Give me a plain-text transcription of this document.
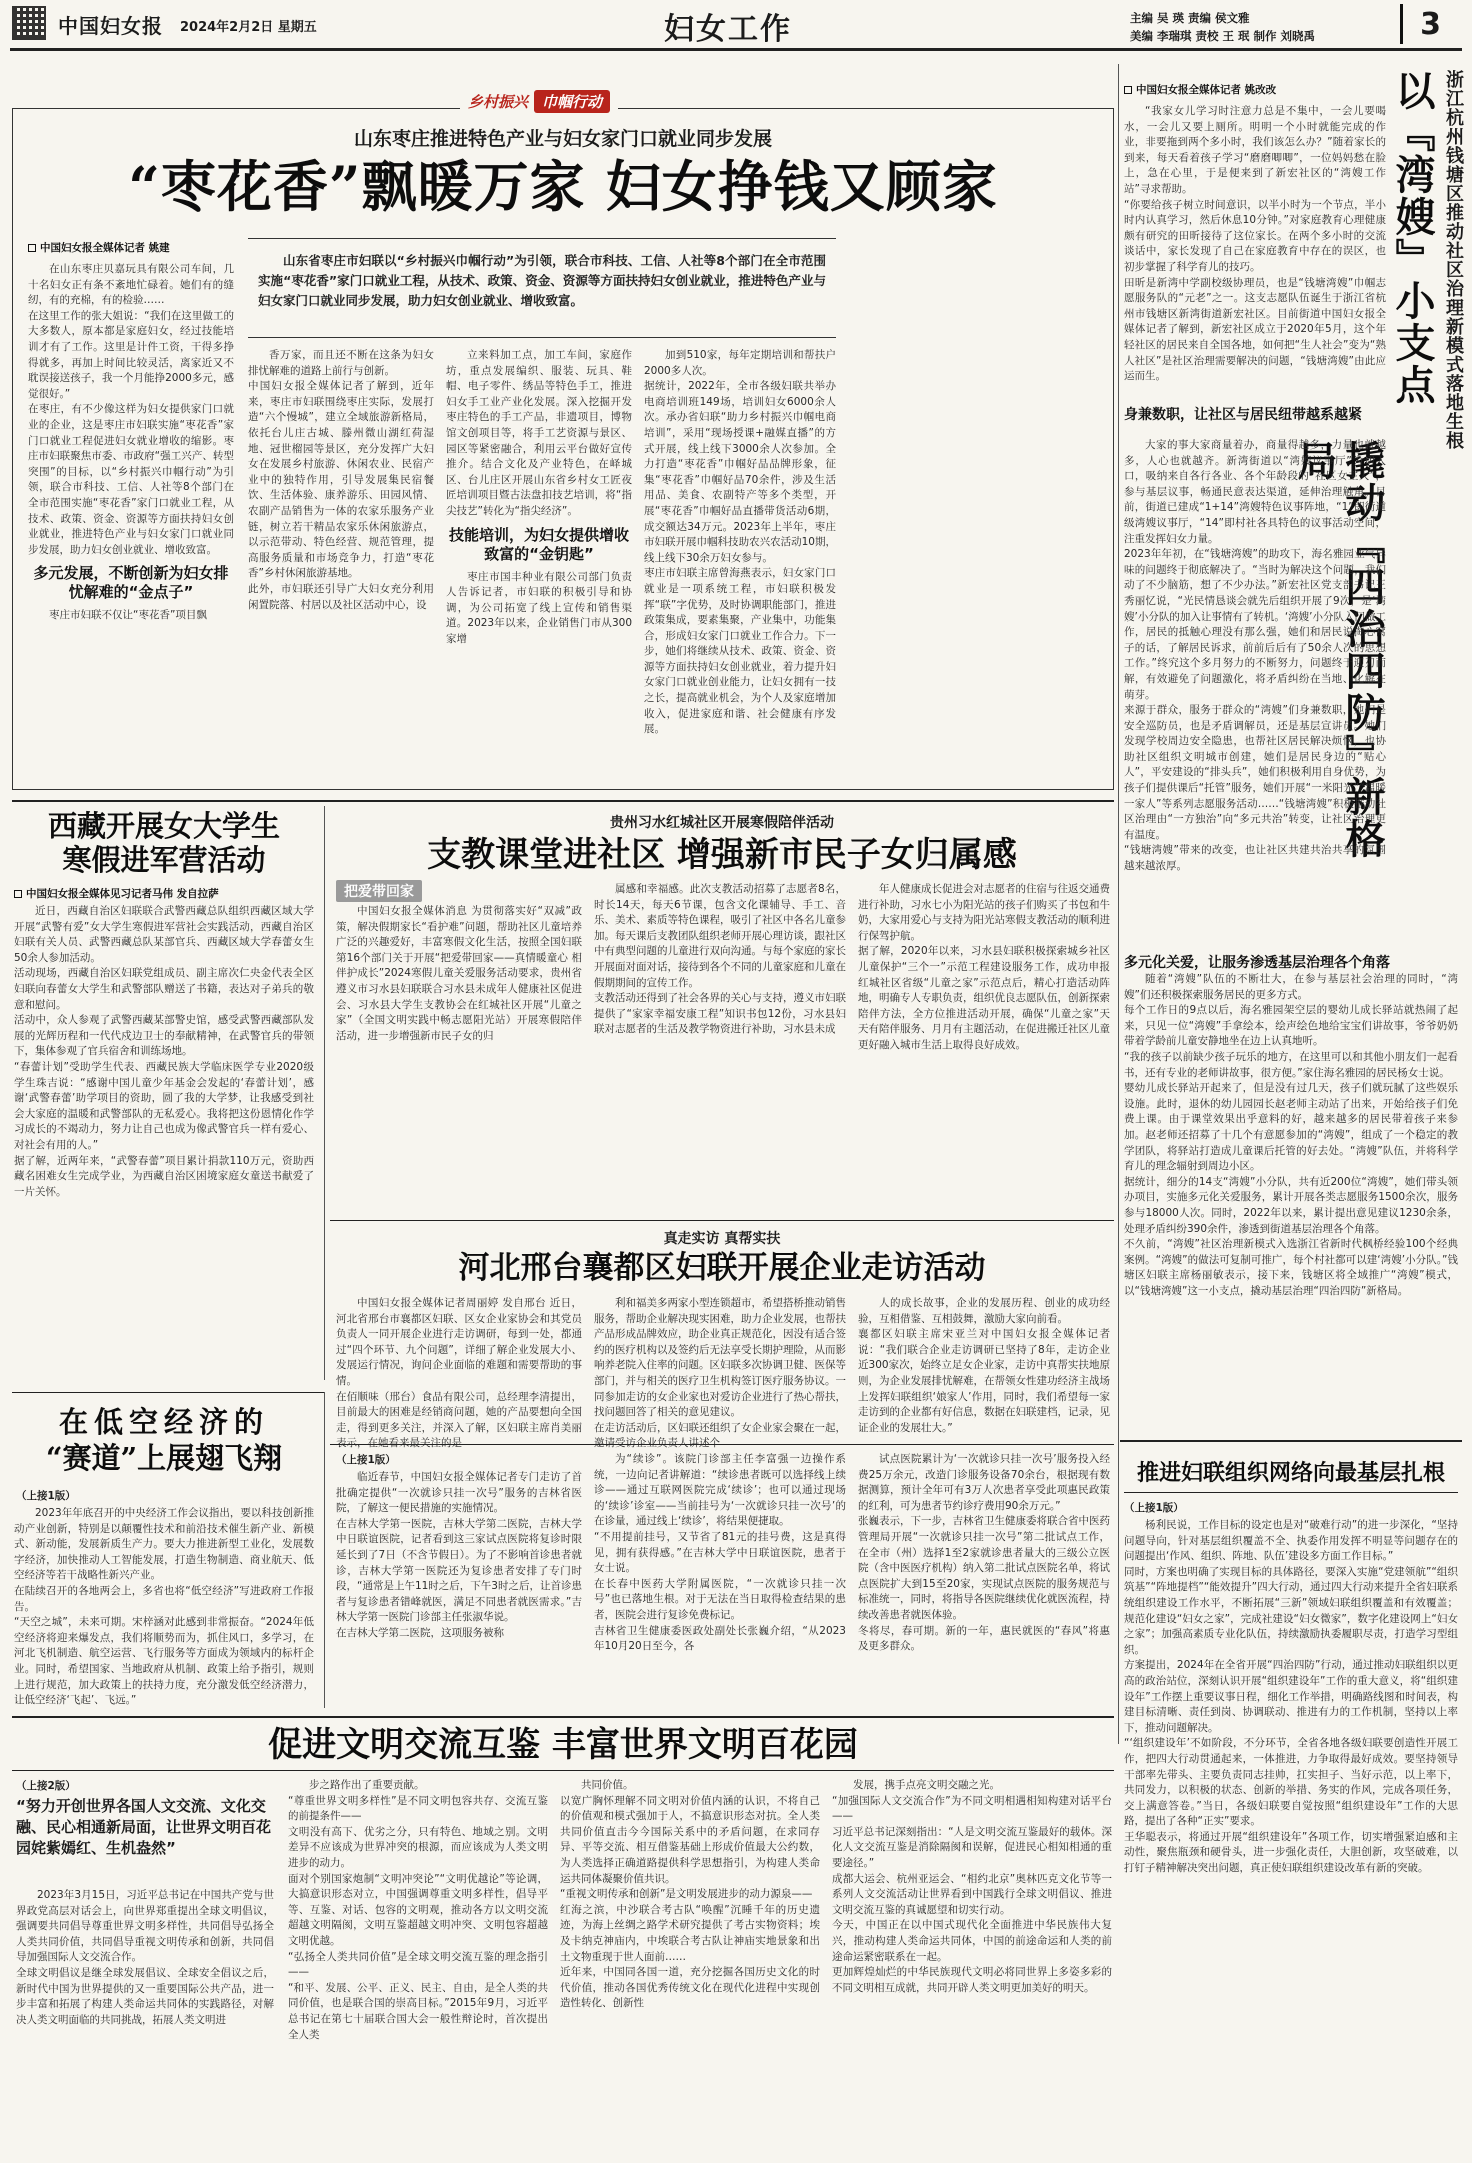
中国妇女报 2024年2月2日 星期五	妇女工作	主编 吴 瑛 责编 侯文雅
美编 李瑞琪 责校 王 珉 制作 刘晓禹	3
乡村振兴 巾帼行动
山东枣庄推进特色产业与妇女家门口就业同步发展
“枣花香”飘暖万家 妇女挣钱又顾家
中国妇女报全媒体记者 姚建
在山东枣庄贝嘉玩具有限公司车间，几十名妇女正有条不紊地忙碌着。她们有的缝纫，有的充棉，有的检验……
在这里工作的张大姐说：“我们在这里做工的大多数人，原本都是家庭妇女，经过技能培训才有了工作。这里是计件工资，干得多挣得就多，再加上时间比较灵活，离家近又不耽误接送孩子，我一个月能挣2000多元，感觉很好。”
在枣庄，有不少像这样为妇女提供家门口就业的企业，这是枣庄市妇联实施“枣花香”家门口就业工程促进妇女就业增收的缩影。枣庄市妇联聚焦市委、市政府“强工兴产、转型突围”的目标，以“乡村振兴巾帼行动”为引领，联合市科技、工信、人社等8个部门在全市范围实施“枣花香”家门口就业工程，从技术、政策、资金、资源等方面扶持妇女创业就业，推进特色产业与妇女家门口就业同步发展，助力妇女创业就业、增收致富。
多元发展，不断创新为妇女排忧解难的“金点子”
枣庄市妇联不仅让“枣花香”项目飘
山东省枣庄市妇联以“乡村振兴巾帼行动”为引领，联合市科技、工信、人社等8个部门在全市范围实施“枣花香”家门口就业工程，从技术、政策、资金、资源等方面扶持妇女创业就业，推进特色产业与妇女家门口就业同步发展，助力妇女创业就业、增收致富。
香万家，而且还不断在这条为妇女排忧解难的道路上前行与创新。
中国妇女报全媒体记者了解到，近年来，枣庄市妇联围绕枣庄实际，发展打造“六个慢城”，建立全域旅游新格局，依托台儿庄古城、滕州微山湖红荷湿地、冠世榴园等景区，充分发挥广大妇女在发展乡村旅游、休闲农业、民宿产业中的独特作用，引导发展集民宿餐饮、生活体验、康养游乐、田园风情、农副产品销售为一体的农家乐服务产业链，树立若干精品农家乐休闲旅游点，以示范带动、特色经营、规范管理，提高服务质量和市场竞争力，打造“枣花香”乡村休闲旅游基地。
此外，市妇联还引导广大妇女充分利用闲置院落、村居以及社区活动中心，设
立来料加工点，加工车间，家庭作坊，重点发展编织、服装、玩具、鞋帽、电子零件、绣品等特色手工，推进妇女手工业产业化发展。深入挖掘开发枣庄特色的手工产品，非遗项目，博物馆文创项目等，将手工艺资源与景区、园区等紧密融合，利用云平台做好宣传推介。结合文化及产业特色，在峄城区、台儿庄区开展山东省乡村女工匠夜匠培训项目暨古法盘扣技艺培训，将“指尖技艺”转化为“指尖经济”。
技能培训，为妇女提供增收致富的“金钥匙”
枣庄市国丰种业有限公司部门负责人告诉记者，市妇联的积极引导和协调，为公司拓宽了线上宣传和销售渠道。2023年以来，企业销售门市从300家增
加到510家，每年定期培训和帮扶户2000多人次。
据统计，2022年，全市各级妇联共举办电商培训班149场，培训妇女6000余人次。承办省妇联“助力乡村振兴巾帼电商培训”，采用“现场授课+融媒直播”的方式开展，线上线下3000余人次参加。全力打造“枣花香”巾帼好品品牌形象，征集“枣花香”巾帼好品70余件，涉及生活用品、美食、农副特产等多个类型，开展“枣花香”巾帼好品直播带货活动6期，成交额达34万元。2023年上半年，枣庄市妇联开展巾帼科技助农兴农活动10期，线上线下30余万妇女参与。
枣庄市妇联主席曾海燕表示，妇女家门口就业是一项系统工程，市妇联积极发挥“联”字优势，及时协调职能部门，推进政策集成，要素集聚，产业集中，功能集合，形成妇女家门口就业工作合力。下一步，她们将继续从技术、政策、资金、资源等方面扶持妇女创业就业，着力提升妇女家门口就业创业能力，让妇女拥有一技之长，提高就业机会，为个人及家庭增加收入，促进家庭和谐、社会健康有序发展。
中国妇女报全媒体记者 姚改改
“我家女儿学习时注意力总是不集中，一会儿要喝水，一会儿又要上厕所。明明一个小时就能完成的作业，非要拖到两个多小时，我们该怎么办？”随着家长的到来，每天看着孩子学习“磨磨唧唧”，一位妈妈愁在脸上，急在心里，于是便来到了新宏社区的“湾嫂工作站”寻求帮助。
“你要给孩子树立时间意识，以半小时为一个节点，半小时内认真学习，然后休息10分钟。”对家庭教育心理健康颇有研究的田昕接待了这位家长。在两个多小时的交流谈话中，家长发现了自己在家庭教育中存在的误区，也初步掌握了科学育儿的技巧。
田昕是新湾中学副校级协理员，也是“钱塘湾嫂”巾帼志愿服务队的“元老”之一。这支志愿队伍诞生于浙江省杭州市钱塘区新湾街道新宏社区。目前街道中国妇女报全媒体记者了解到，新宏社区成立于2020年5月，这个年轻社区的居民来自全国各地，如何把“生人社会”变为“熟人社区”是社区治理需要解决的问题，“钱塘湾嫂”由此应运而生。	浙江杭州钱塘区推动社区治理新模式落地生根
以『湾嫂』小支点
撬动『四治四防』新格局
身兼数职，让社区与居民纽带越系越紧
大家的事大家商量着办，商量得越多，力量也就越多，人心也就越齐。新湾街道以“湾嫂议事厅”为切入口，吸纳来自各行各业、各个年龄段的“社区女主人”，参与基层议事，畅通民意表达渠道，延伸治理触角。目前，街道已建成“1+14”湾嫂特色议事阵地，“1”即街道级湾嫂议事厅，“14”即村社各具特色的议事活动空间，注重发挥妇女力量。
2023年年初，在“钱塘湾嫂”的助攻下，海名雅园业气异味的问题终于彻底解决了。“当时为解决这个问题，我们动了不少脑筋，想了不少办法。”新宏社区党支部书记王秀丽忆说，“光民情恳谈会就先后组织开展了9次，是‘湾嫂’小分队的加入让事情有了转机。‘湾嫂’小分队入门做工作，居民的抵触心理没有那么强，她们和居民说掏心窝子的话，了解居民诉求，前前后后有了50余人次的思想工作。”终究这个多月努力的不断努力，问题终于迎刃而解，有效避免了问题激化，将矛盾纠纷在当地、化解在萌芽。
来源于群众，服务于群众的“湾嫂”们身兼数职，她们是安全巡防员，也是矛盾调解员，还是基层宣讲员。她们发现学校周边安全隐患，也帮社区居民解决烦恼，也协助社区组织文明城市创建，她们是居民身边的“贴心人”，平安建设的“排头兵”，她们积极利用自身优势，为孩子们提供课后“托管”服务，她们开展“一米阳光”“温暖一家人”等系列志愿服务活动……“钱塘湾嫂”积极推动社区治理由“一方独治”向“多元共治”转变，让社区治理更有温度。
“钱塘湾嫂”带来的改变，也让社区共建共治共享的氛围越来越浓厚。
多元化关爱，让服务渗透基层治理各个角落
随着“湾嫂”队伍的不断壮大，在参与基层社会治理的同时，“湾嫂”们还积极探索服务居民的更多方式。
每个工作日的9点以后，海名雅园架空层的婴幼儿成长驿站就热闹了起来，只见一位“湾嫂”手拿绘本，绘声绘色地给宝宝们讲故事，爷爷奶奶带着学龄前儿童安静地坐在边上认真地听。
“我的孩子以前缺少孩子玩乐的地方，在这里可以和其他小朋友们一起看书，还有专业的老师讲故事，很方便。”家住海名雅园的居民杨女士说。
婴幼儿成长驿站开起来了，但是没有过几天，孩子们就玩腻了这些娱乐设施。此时，退休的幼儿园园长赵老师主动站了出来，开始给孩子们免费上课。由于课堂效果出乎意料的好，越来越多的居民带着孩子来参加。赵老师还招募了十几个有意愿参加的“湾嫂”，组成了一个稳定的教学团队，将驿站打造成儿童课后托管的好去处。“湾嫂”队伍，并将科学育儿的理念辐射到周边小区。
据统计，细分的14支“湾嫂”小分队，共有近200位“湾嫂”，她们带头领办项目，实施多元化关爱服务，累计开展各类志愿服务1500余次，服务参与18000人次。同时，2022年以来，累计提出意见建议1230余条，处理矛盾纠纷390余件，渗透到街道基层治理各个角落。
不久前，“湾嫂”社区治理新模式入选浙江省新时代枫桥经验100个经典案例。“湾嫂”的做法可复制可推广，每个村社都可以建‘湾嫂’小分队。”钱塘区妇联主席杨丽敏表示，接下来，钱塘区将全域推广“湾嫂”模式，以“钱塘湾嫂”这一小支点，撬动基层治理“四治四防”新格局。
推进妇联组织网络向最基层扎根
（上接1版）
杨利民说，工作目标的设定也是对“破难行动”的进一步深化，“坚持问题导向，针对基层组织覆盖不全、执委作用发挥不明显等问题存在的问题提出‘作风、组织、阵地、队伍’建设多方面工作目标。”
同时，方案也明确了实现目标的具体路径，要深入实施“党建领航”“组织筑基”“阵地提档”“能效提升”四大行动，通过四大行动来提升全省妇联系统组织建设工作水平，不断拓展“三新”领域妇联组织覆盖和有效覆盖；规范化建设“妇女之家”，完成社建设“妇女微家”，数字化建设网上“妇女之家”；加强高素质专业化队伍，持续激励执委履职尽责，打造学习型组织。
方案提出，2024年在全省开展“四治四防”行动，通过推动妇联组织以更高的政治站位，深刻认识开展“组织建设年”工作的重大意义，将“组织建设年”工作摆上重要议事日程，细化工作举措，明确路线图和时间表，构建目标清晰、责任到岗、协调联动、推进有力的工作机制，坚持以上率下，推动问题解决。
“‘组织建设年’不如阶段，不分环节，全省各地各级妇联要创造性开展工作，把四大行动贯通起来，一体推进，力争取得最好成效。要坚持领导干部率先带头、主要负责同志挂帅，扛实担子、当好示范，以上率下，共同发力，以积极的状态、创新的举措、务实的作风，完成各项任务，交上满意答卷。”当日，各级妇联要自觉按照“组织建设年”工作的大思路，提出了各种“正实”要求。
王华聪表示，将通过开展“组织建设年”各项工作，切实增强紧迫感和主动性，聚焦瓶颈和硬骨头，进一步强化责任，大胆创新，攻坚破难，以打钉子精神解决突出问题，真正使妇联组织建设改革有新的突破。
西藏开展女大学生
寒假进军营活动
中国妇女报全媒体见习记者马伟 发自拉萨
近日，西藏自治区妇联联合武警西藏总队组织西藏区域大学开展“武警有爱”女大学生寒假进军营社会实践活动，西藏自治区妇联有关人员、武警西藏总队某部官兵、西藏区域大学春蕾女生50余人参加活动。
活动现场，西藏自治区妇联党组成员、副主席次仁央金代表全区妇联向春蕾女大学生和武警部队赠送了书籍，表达对子弟兵的敬意和慰问。
活动中，众人参观了武警西藏某部警史馆，感受武警西藏部队发展的光辉历程和一代代戍边卫士的奉献精神，在武警官兵的带领下，集体参观了官兵宿舍和训练场地。
“春蕾计划”受助学生代表、西藏民族大学临床医学专业2020级学生珠吉说：“感谢中国儿童少年基金会发起的‘春蕾计划’，感谢‘武警春蕾’助学项目的资助，圆了我的大学梦，让我感受到社会大家庭的温暖和武警部队的无私爱心。我将把这份恩情化作学习成长的不竭动力，努力让自己也成为像武警官兵一样有爱心、对社会有用的人。”
据了解，近两年来，“武警春蕾”项目累计捐款110万元，资助西藏名困难女生完成学业，为西藏自治区困境家庭女童送书献爱了一片关怀。
贵州习水红城社区开展寒假陪伴活动
支教课堂进社区 增强新市民子女归属感
把爱带回家
中国妇女报全媒体消息 为贯彻落实好“双减”政策，解决假期家长“看护难”问题，帮助社区儿童培养广泛的兴趣爱好，丰富寒假文化生活，按照全国妇联第16个部门关于开展“把爱带回家——真情暖童心 相伴护成长”2024寒假儿童关爱服务活动要求，贵州省遵义市习水县妇联联合习水县未成年人健康社区促进会、习水县大学生支教协会在红城社区开展“儿童之家”（全国文明实践中畅志愿阳光站）开展寒假陪伴活动，进一步增强新市民子女的归
属感和幸福感。此次支教活动招募了志愿者8名，时长14天，每天6节课，包含文化课辅导、手工、音乐、美术、素质等特色课程，吸引了社区中各名儿童参加。每天课后支教团队组织老师开展心理访谈，跟社区中有典型问题的儿童进行双向沟通。与每个家庭的家长开展面对面对话，接待到各个不同的儿童家庭和儿童在假期期间的宣传工作。
支教活动还得到了社会各界的关心与支持，遵义市妇联提供了“家家幸福安康工程”知识书包12份，习水县妇联对志愿者的生活及教学物资进行补助，习水县未成
年人健康成长促进会对志愿者的住宿与往返交通费进行补助，习水七小为阳光站的孩子们购买了书包和牛奶，大家用爱心与支持为阳光站寒假支教活动的顺利进行保驾护航。
据了解，2020年以来，习水县妇联积极探索城乡社区儿童保护“三个一”示范工程建设服务工作，成功申报红城社区省级“儿童之家”示范点后，精心打造活动阵地，明确专人专职负责，组织优良志愿队伍，创新探索陪伴方法，全方位推进活动开展，确保“儿童之家”天天有陪伴服务、月月有主题活动，在促进搬迁社区儿童更好融入城市生活上取得良好成效。
真走实访 真帮实扶
河北邢台襄都区妇联开展企业走访活动
中国妇女报全媒体记者周丽婷 发自邢台 近日，河北省邢台市襄都区妇联、区女企业家协会和其党员负责人一同开展企业进行走访调研，每到一处，都通过“四个环节、九个问题”，详细了解企业发展大小、发展运行情况，询问企业面临的难题和需要帮助的事情。
在佰顺味（邢台）食品有限公司，总经理李清提出，目前最大的困难是经销商问题，她的产品要想向全国走，得到更多关注，并深入了解，区妇联主席肖美丽
利和福美多两家小型连锁超市，希望搭桥推动销售服务，帮助企业解决现实困难，助力企业发展，也帮扶产品形成品牌效应，助企业真正规范化，因没有适合签约的医疗机构以及签约后无法享受长期护理险，从而影响养老院入住率的问题。区妇联多次协调卫健、医保等部门，并与相关的医疗卫生机构签订医疗服务协议。一同参加走访的女企业家也对爱访企业进行了热心帮扶，找问题回答了相关的意见建议。
在走访活动后，区妇联还组织了女企业家会聚在一起，
人的成长故事，企业的发展历程、创业的成功经验，互相借鉴、互相鼓舞，激励大家向前看。
襄都区妇联主席宋亚兰对中国妇女报全媒体记者说：“我们联合企业走访调研已坚持了8年，走访企业近300家次，始终立足女企业家，走访中真帮实扶地原则，为企业发展排忧解难，在帮领女性建功经济主战场上发挥妇联组织‘娘家人’作用，同时，我们希望每一家走访到的企业都有好信息，数据在妇联建档，记录，见证企业的发展壮大。”
在低空经济的
“赛道”上展翅飞翔
（上接1版）
2023年年底召开的中央经济工作会议指出，要以科技创新推动产业创新，特别是以颠覆性技术和前沿技术催生新产业、新模式、新动能，发展新质生产力。要大力推进新型工业化，发展数字经济，加快推动人工智能发展，打造生物制造、商业航天、低空经济等若干战略性新兴产业。
在陆续召开的各地两会上，多省也将“低空经济”写进政府工作报告。
“天空之城”，未来可期。宋梓涵对此感到非常振奋。“2024年低空经济将迎来爆发点，我们将顺势而为，抓住风口，多学习，在河北飞机制造、航空运营、飞行服务等方面成为领域内的标杆企业。同时，希望国家、当地政府从机制、政策上给予指引，规则上进行规范，加大政策上的扶持力度，充分激发低空经济潜力，让低空经济‘飞起’、飞远。”
（上接1版）
临近春节，中国妇女报全媒体记者专门走访了首批确定提供“一次就诊只挂一次号”服务的吉林省医院，了解这一便民措施的实施情况。
在吉林大学第一医院，吉林大学第二医院，吉林大学中日联谊医院，记者看到这三家试点医院将复诊时限延长到了7日（不含节假日）。为了不影响首诊患者就诊，吉林大学第一医院还为复诊患者安排了专门时段，“通常是上午11时之后，下午3时之后，让首诊患者与复诊患者错峰就医，满足不同患者就医需求。”吉林大学第一医院门诊部主任张淑华说。
在吉林大学第二医院，这项服务被称
为“续诊”。该院门诊部主任李富强一边操作系统，一边向记者讲解道：“续诊患者既可以选择线上续诊——通过互联网医院完成‘续诊’；也可以通过现场的‘续诊’诊室——当前挂号为‘一次就诊只挂一次号’的在诊量，通过线上‘续诊’，将结果便捷取。
“不用提前挂号，又节省了81元的挂号费，这是真得见，拥有获得感。”在吉林大学中日联谊医院，患者于女士说。
在长春中医药大学附属医院，“一次就诊只挂一次号”也已落地生根。对于无法在当日取得检查结果的患者，医院会进行复诊免费标记。
吉林省卫生健康委医政处副处长张巍介绍，“从2023年10月20日至今，各
试点医院累计为‘一次就诊只挂一次号’服务投入经费25万余元，改造门诊服务设备70余台，根据现有数据测算，预计全年可有3万人次患者享受此项惠民政策的红利，可为患者节约诊疗费用90余万元。”
张巍表示，下一步，吉林省卫生健康委将联合省中医药管理局开展“一次就诊只挂一次号”第二批试点工作，在全市（州）选择1至2家就诊患者量大的三级公立医院（含中医医疗机构）纳入第二批试点医院名单，将试点医院扩大到15至20家，实现试点医院的服务规范与标准统一，同时，将指导各医院继续优化就医流程，持续改善患者就医体验。
冬将尽，春可期。新的一年，惠民就医的“春风”将惠及更多群众。
促进文明交流互鉴 丰富世界文明百花园
（上接2版）
“努力开创世界各国人文交流、文化交融、民心相通新局面，让世界文明百花园姹紫嫣红、生机盎然”
2023年3月15日，习近平总书记在中国共产党与世界政党高层对话会上，向世界郑重提出全球文明倡议，强调要共同倡导尊重世界文明多样性，共同倡导弘扬全人类共同价值，共同倡导重视文明传承和创新，共同倡导加强国际人文交流合作。
全球文明倡议是继全球发展倡议、全球安全倡议之后，新时代中国为世界提供的又一重要国际公共产品，进一步丰富和拓展了构建人类命运共同体的实践路径，对解决人类文明面临的共同挑战，拓展人类文明进
步之路作出了重要贡献。
“尊重世界文明多样性”是不同文明包容共存、交流互鉴的前提条件——
文明没有高下、优劣之分，只有特色、地域之别。文明差异不应该成为世界冲突的根源，而应该成为人类文明进步的动力。
面对个别国家炮制“文明冲突论”“文明优越论”等论调，大搞意识形态对立，中国强调尊重文明多样性，倡导平等、互鉴、对话、包容的文明观，推动各方以文明交流超越文明隔阂，文明互鉴超越文明冲突、文明包容超越文明优越。
“弘扬全人类共同价值”是全球文明交流互鉴的理念指引——
“和平、发展、公平、正义、民主、自由，是全人类的共同价值，也是联合国的崇高目标。”2015年9月，习近平总书记在第七十届联合国大会一般性辩论时，首次提出全人类
共同价值。
以宽广胸怀理解不同文明对价值内涵的认识，不将自己的价值观和模式强加于人，不搞意识形态对抗。全人类共同价值直击今今国际关系中的矛盾问题，在求同存异、平等交流、相互借鉴基础上形成价值最大公约数，为人类选择正确道路提供科学思想指引，为构建人类命运共同体凝聚价值共识。
“重视文明传承和创新”是文明发展进步的动力源泉——
红海之滨，中沙联合考古队“唤醒”沉睡千年的历史遗迹，为海上丝绸之路学术研究提供了考古实物资料；埃及卡纳克神庙内，中埃联合考古队让神庙实地景象和出土文物重现于世人面前……
近年来，中国同各国一道，充分挖掘各国历史文化的时代价值，推动各国优秀传统文化在现代化进程中实现创造性转化、创新性
发展，携手点亮文明交融之光。
“加强国际人文交流合作”为不同文明相遇相知构建对话平台——
习近平总书记深刻指出：“人是文明交流互鉴最好的载体。深化人文交流互鉴是消除隔阂和误解，促进民心相知相通的重要途径。”
成都大运会、杭州亚运会、“相约北京”奥林匹克文化节等一系列人文交流活动让世界看到中国践行全球文明倡议、推进文明交流互鉴的真诚愿望和切实行动。
今天，中国正在以中国式现代化全面推进中华民族伟大复兴，推动构建人类命运共同体，中国的前途命运和人类的前途命运紧密联系在一起。
更加辉煌灿烂的中华民族现代文明必将同世界上多姿多彩的不同文明相互成就，共同开辟人类文明更加美好的明天。
